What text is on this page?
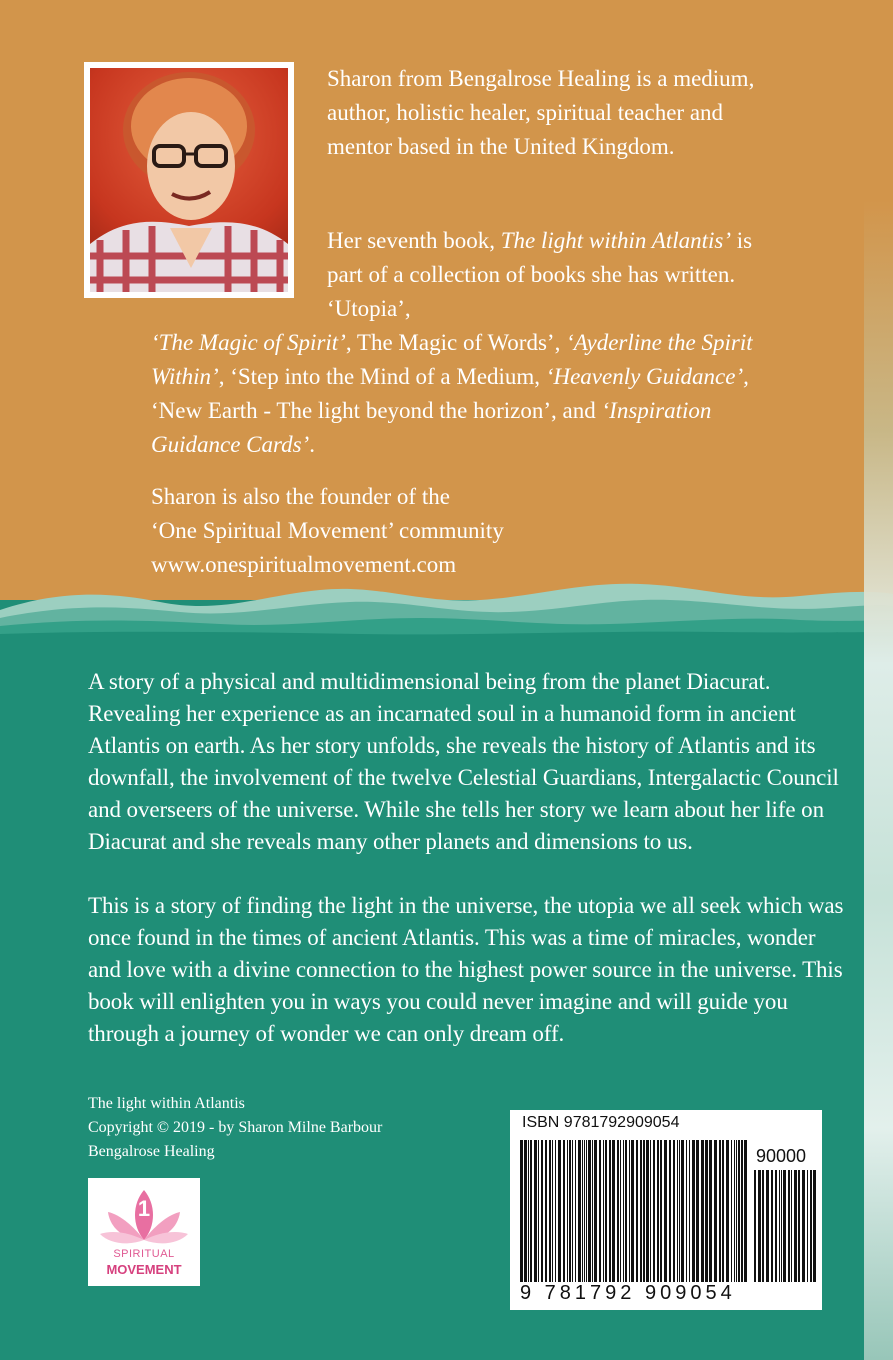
Sharon from Bengalrose Healing is a medium, author, holistic healer, spiritual teacher and mentor based in the United Kingdom.

Her seventh book, The light within Atlantis’ is part of a collection of books she has written. ‘Utopia’,
‘The Magic of Spirit’, The Magic of Words’, ‘Ayderline the Spirit Within’, ‘Step into the Mind of a Medium, ‘Heavenly Guidance’, ‘New Earth - The light beyond the horizon’, and ‘Inspiration Guidance Cards’.

Sharon is also the founder of the
‘One Spiritual Movement’ community
www.onespiritualmovement.com

A story of a physical and multidimensional being from the planet Diacurat. Revealing her experience as an incarnated soul in a humanoid form in ancient Atlantis on earth. As her story unfolds, she reveals the history of Atlantis and its downfall, the involvement of the twelve Celestial Guardians, Intergalactic Council and overseers of the universe. While she tells her story we learn about her life on Diacurat and she reveals many other planets and dimensions to us.

This is a story of finding the light in the universe, the utopia we all seek which was once found in the times of ancient Atlantis. This was a time of miracles, wonder and love with a divine connection to the highest power source in the universe. This book will enlighten you in ways you could never imagine and will guide you through a journey of wonder we can only dream off.

The light within Atlantis
Copyright © 2019 - by Sharon Milne Barbour
Bengalrose Healing
1
SPIRITUAL
MOVEMENT
ISBN 9781792909054
90000
9 781792 909054
